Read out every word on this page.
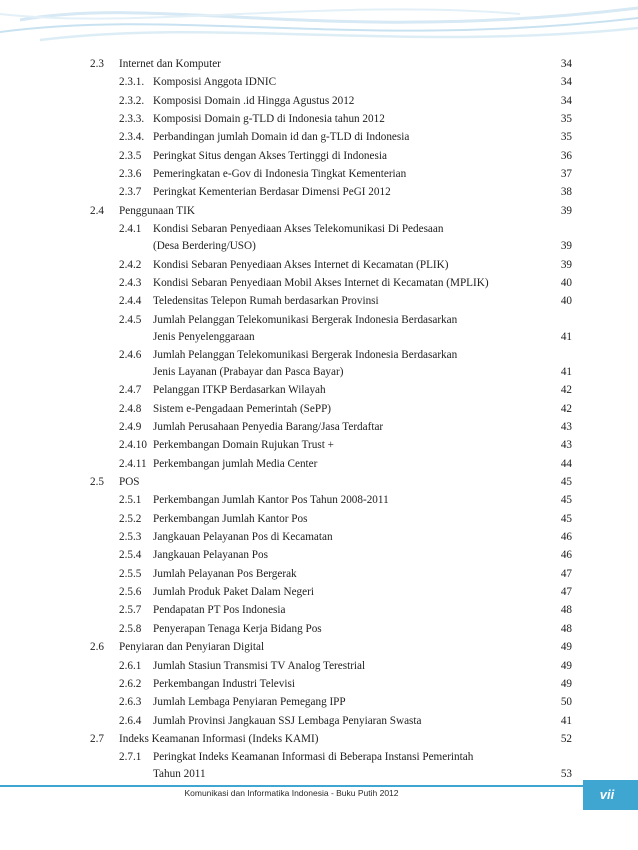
2.3 Internet dan Komputer	34
2.3.1. Komposisi Anggota IDNIC	34
2.3.2. Komposisi Domain .id Hingga Agustus 2012	34
2.3.3. Komposisi Domain g-TLD di Indonesia tahun 2012	35
2.3.4. Perbandingan jumlah Domain id dan g-TLD di Indonesia	35
2.3.5 Peringkat Situs dengan Akses Tertinggi di Indonesia	36
2.3.6 Pemeringkatan e-Gov di Indonesia Tingkat Kementerian	37
2.3.7 Peringkat Kementerian Berdasar Dimensi PeGI 2012	38
2.4 Penggunaan TIK	39
2.4.1 Kondisi Sebaran Penyediaan Akses Telekomunikasi Di Pedesaan
(Desa Berdering/USO)	39
2.4.2 Kondisi Sebaran Penyediaan Akses Internet di Kecamatan (PLIK)	39
2.4.3 Kondisi Sebaran Penyediaan Mobil Akses Internet di Kecamatan (MPLIK)	40
2.4.4 Teledensitas Telepon Rumah berdasarkan Provinsi	40
2.4.5 Jumlah Pelanggan Telekomunikasi Bergerak Indonesia Berdasarkan
Jenis Penyelenggaraan	41
2.4.6 Jumlah Pelanggan Telekomunikasi Bergerak Indonesia Berdasarkan
Jenis Layanan (Prabayar dan Pasca Bayar)	41
2.4.7 Pelanggan ITKP Berdasarkan Wilayah	42
2.4.8 Sistem e-Pengadaan Pemerintah (SePP)	42
2.4.9 Jumlah Perusahaan Penyedia Barang/Jasa Terdaftar	43
2.4.10 Perkembangan Domain Rujukan Trust +	43
2.4.11 Perkembangan jumlah Media Center	44
2.5 POS	45
2.5.1 Perkembangan Jumlah Kantor Pos Tahun 2008-2011	45
2.5.2 Perkembangan Jumlah Kantor Pos	45
2.5.3 Jangkauan Pelayanan Pos di Kecamatan	46
2.5.4 Jangkauan Pelayanan Pos	46
2.5.5 Jumlah Pelayanan Pos Bergerak	47
2.5.6 Jumlah Produk Paket Dalam Negeri	47
2.5.7 Pendapatan PT Pos Indonesia	48
2.5.8 Penyerapan Tenaga Kerja Bidang Pos	48
2.6 Penyiaran dan Penyiaran Digital	49
2.6.1 Jumlah Stasiun Transmisi TV Analog Terestrial	49
2.6.2 Perkembangan Industri Televisi	49
2.6.3 Jumlah Lembaga Penyiaran Pemegang IPP	50
2.6.4 Jumlah Provinsi Jangkauan SSJ Lembaga Penyiaran Swasta	41
2.7 Indeks Keamanan Informasi (Indeks KAMI)	52
2.7.1 Peringkat Indeks Keamanan Informasi di Beberapa Instansi Pemerintah
Tahun 2011	53
Komunikasi dan Informatika Indonesia - Buku Putih 2012	vii
